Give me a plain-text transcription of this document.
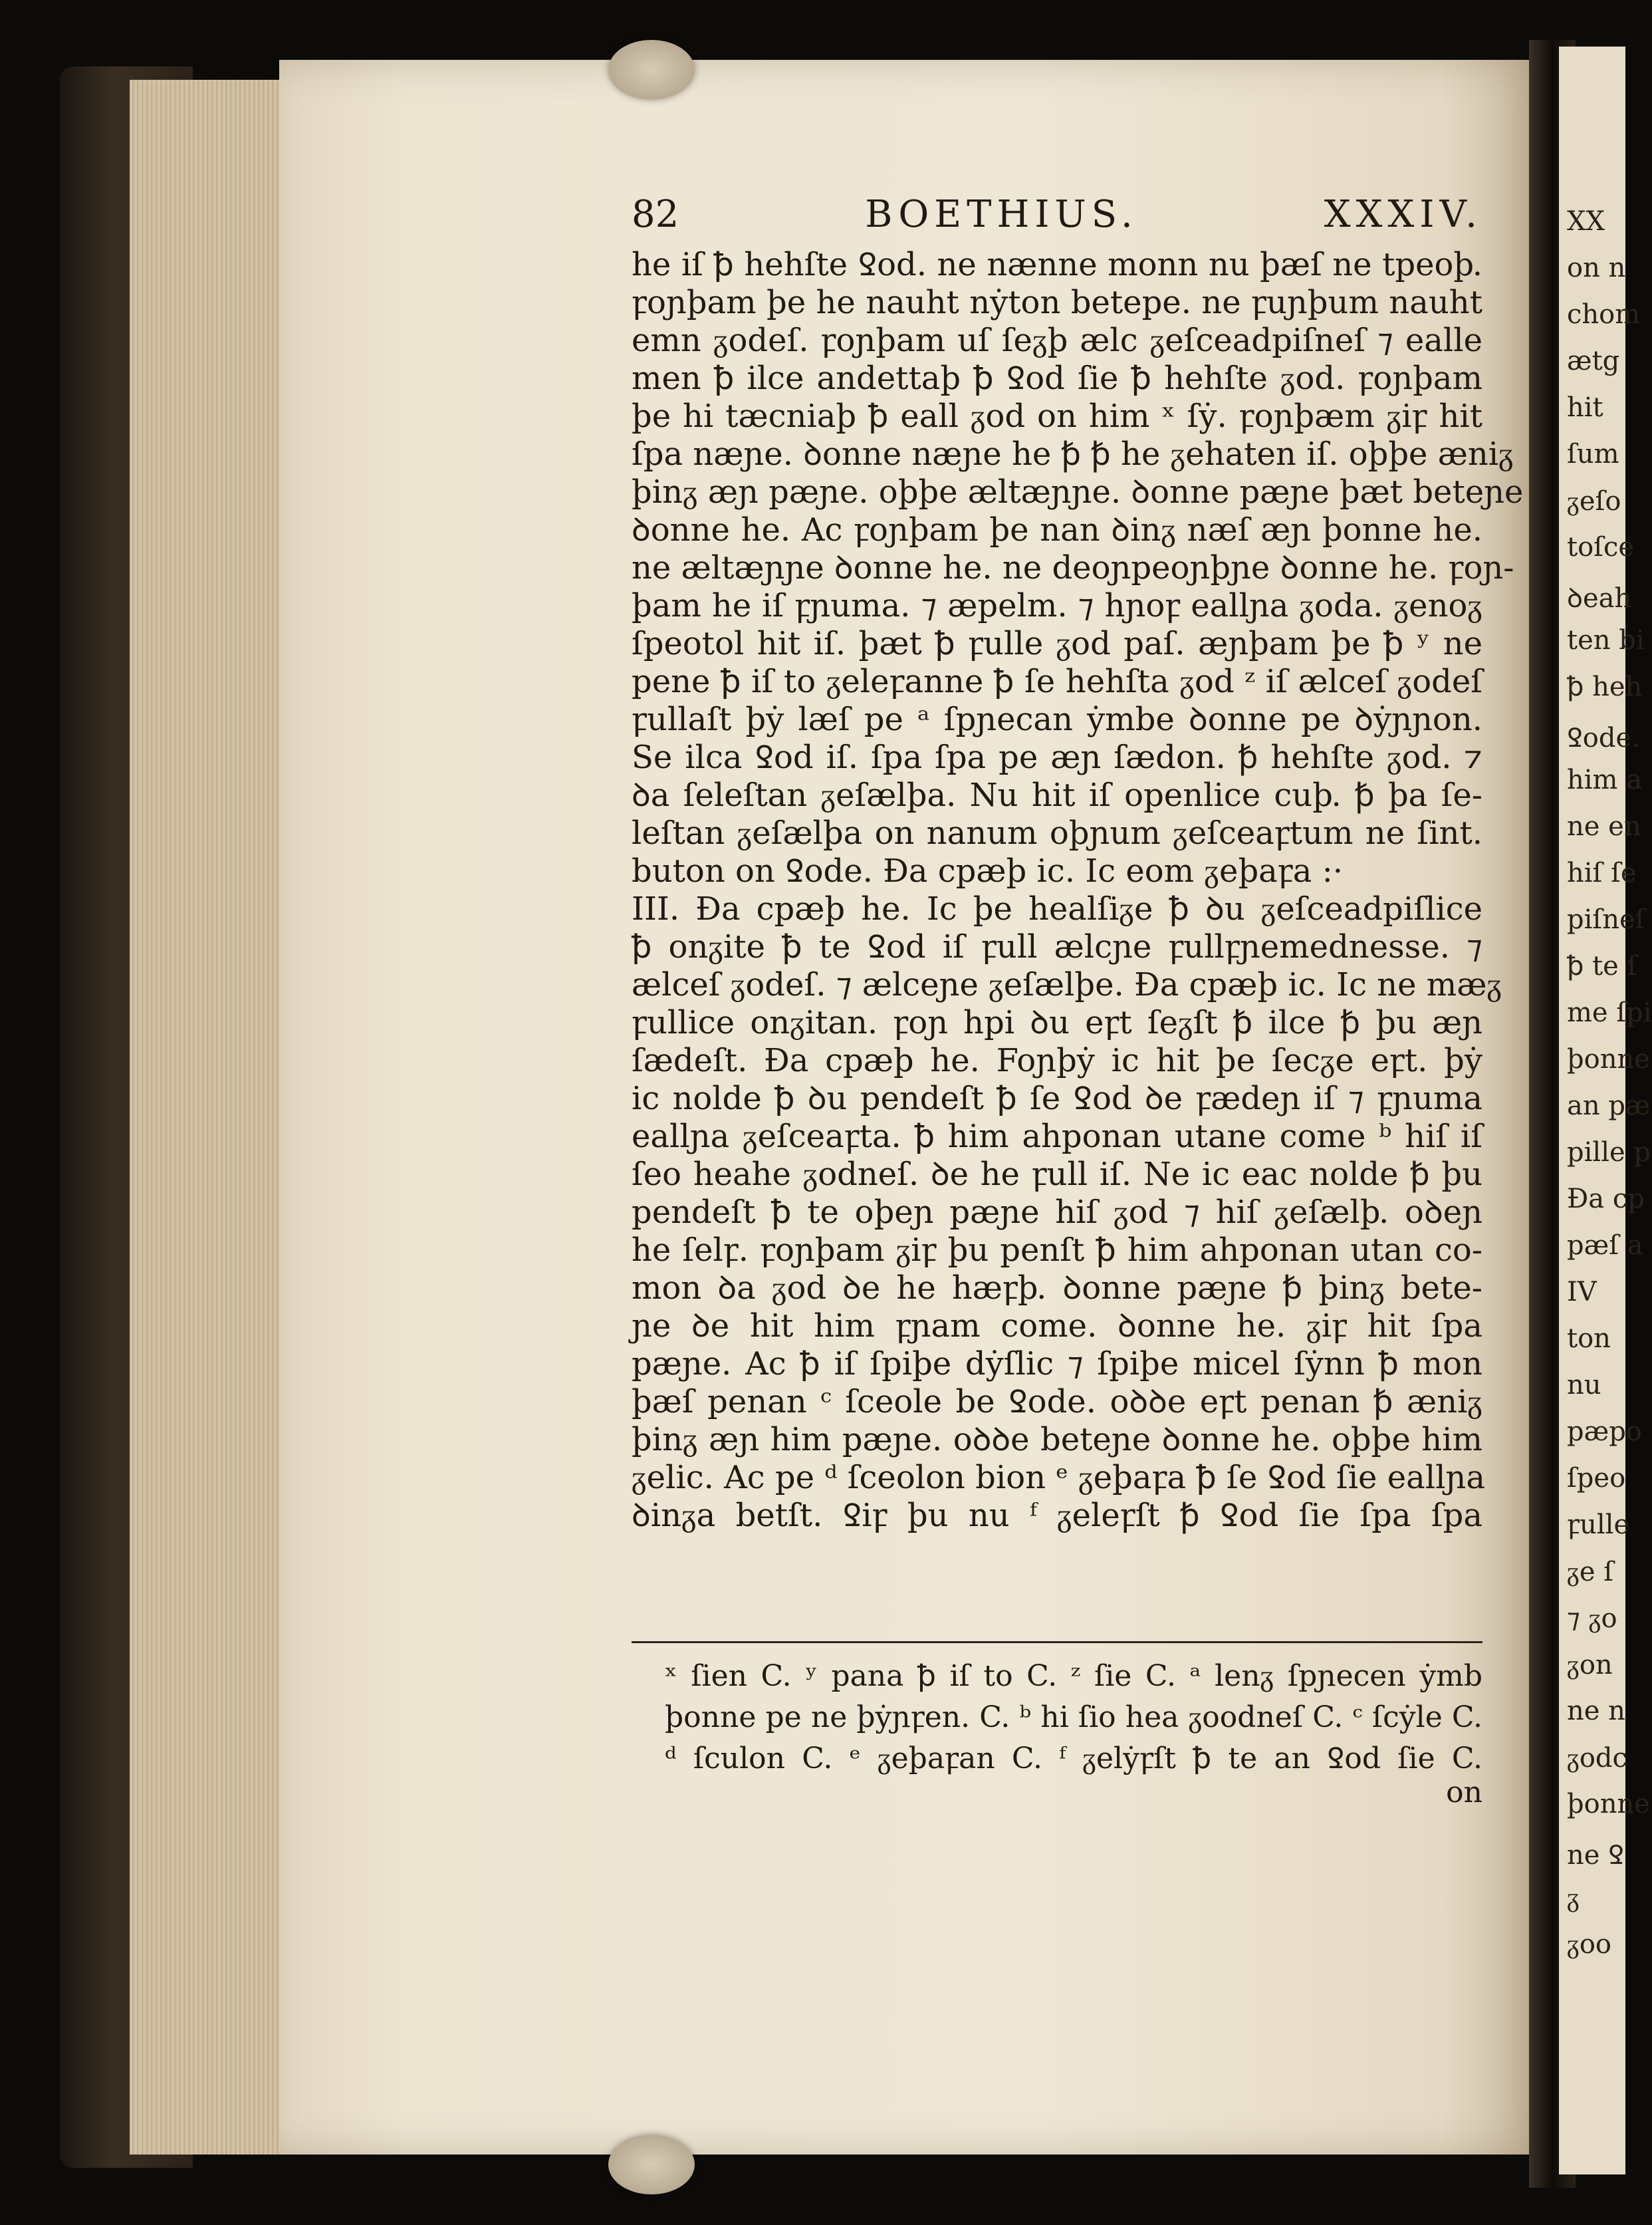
XX
on n
chom
ætg
hit
ſum
ᵹeſo
toſce
ꝺeah
ten bi
ꝥ heh
Ꝿode.
him a
ne en
hiſ ſe
piſneſ
ꝥ te ſ
me ſpi
þonne
an pæ
pille p
Ða cp
pæſ a
IV
ton
nu
pæpo
ſpeo
ꝼulle
ᵹe ſ
⁊ ᵹo
ᵹon
ne n
ᵹodc
þonne
ne Ꝿ
ᵹ
ᵹoo
82	BOETHIUS.	XXXIV.
he iſ ꝥ hehſte Ꝿod. ne nænne monn nu þæſ ne tpeoþ.
ꝼoɲþam þe he nauht nẏton betepe. ne ꝼuɲþum nauht
emn ᵹodeſ. ꝼoɲþam uſ ſeᵹþ ælc ᵹeſceadpiſneſ ⁊ ealle
men ꝥ ilce andettaþ ꝥ Ꝿod ſie ꝥ hehſte ᵹod. ꝼoɲþam
þe hi tæcniaþ ꝥ eall ᵹod on him ˣ ſẏ. ꝼoɲþæm ᵹiꝼ hit
ſpa næɲe. ꝺonne næɲe he ꝥ ꝥ he ᵹehaten iſ. oþþe æniᵹ
þinᵹ æɲ pæɲe. oþþe æltæɲɲe. ꝺonne pæɲe þæt beteɲe
ꝺonne he. Ac ꝼoɲþam þe nan ꝺinᵹ næſ æɲ þonne he.
ne æltæɲɲe ꝺonne he. ne deoɲpeoɲþɲe ꝺonne he. ꝼoɲ-
þam he iſ ꝼɲuma. ⁊ æpelm. ⁊ hɲoꝼ eallɲa ᵹoda. ᵹenoᵹ
ſpeotol hit iſ. þæt ꝥ ꝼulle ᵹod paſ. æɲþam þe ꝥ ʸ ne
pene ꝥ iſ to ᵹeleꝼanne ꝥ ſe hehſta ᵹod ᶻ iſ ælceſ ᵹodeſ
ꝼullaſt þẏ læſ pe ᵃ ſpɲecan ẏmbe ꝺonne pe ꝺẏɲɲon.
Se ilca Ꝿod iſ. ſpa ſpa pe æɲ ſædon. ꝥ hehſte ᵹod. ⁊
ꝺa ſeleſtan ᵹeſælþa. Nu hit iſ openlice cuþ. ꝥ þa ſe-
leſtan ᵹeſælþa on nanum oþɲum ᵹeſceaꝼtum ne ſint.
buton on Ꝿode. Ða cpæþ ic. Ic eom ᵹeþaꝼa :·
III. Ða cpæþ he. Ic þe healſiᵹe ꝥ ꝺu ᵹeſceadpiſlice
ꝥ onᵹite ꝥ te Ꝿod iſ ꝼull ælcɲe ꝼullꝼɲemednesse. ⁊
ælceſ ᵹodeſ. ⁊ ælceɲe ᵹeſælþe. Ða cpæþ ic. Ic ne mæᵹ
ꝼullice onᵹitan. ꝼoɲ hpi ꝺu eꝼt ſeᵹſt ꝥ ilce ꝥ þu æɲ
ſædeſt. Ða cpæþ he. Foɲþẏ ic hit þe ſecᵹe eꝼt. þẏ
ic nolde ꝥ ꝺu pendeſt ꝥ ſe Ꝿod ꝺe ꝼædeɲ iſ ⁊ ꝼɲuma
eallɲa ᵹeſceaꝼta. ꝥ him ahponan utane come ᵇ hiſ iſ
ſeo heahe ᵹodneſ. ꝺe he ꝼull iſ. Ne ic eac nolde ꝥ þu
pendeſt ꝥ te oþeɲ pæɲe hiſ ᵹod ⁊ hiſ ᵹeſælþ. oꝺeɲ
he ſelꝼ. ꝼoɲþam ᵹiꝼ þu penſt ꝥ him ahponan utan co-
mon ꝺa ᵹod ꝺe he hæꝼþ. ꝺonne pæɲe ꝥ þinᵹ bete-
ɲe ꝺe hit him ꝼɲam come. ꝺonne he. ᵹiꝼ hit ſpa
pæɲe. Ac ꝥ iſ ſpiþe dẏſlic ⁊ ſpiþe micel ſẏnn ꝥ mon
þæſ penan ᶜ ſceole be Ꝿode. oꝺꝺe eꝼt penan ꝥ æniᵹ
þinᵹ æɲ him pæɲe. oꝺꝺe beteɲe ꝺonne he. oþþe him
ᵹelic. Ac pe ᵈ ſceolon bion ᵉ ᵹeþaꝼa ꝥ ſe Ꝿod ſie eallɲa
ꝺinᵹa betſt. Ꝿiꝼ þu nu ᶠ ᵹeleꝼſt ꝥ Ꝿod ſie ſpa ſpa
ˣ ſien C. ʸ pana ꝥ iſ to C. ᶻ ſie C. ᵃ lenᵹ ſpɲecen ẏmb
þonne pe ne þẏɲꝼen. C. ᵇ hi ſio hea ᵹoodneſ C. ᶜ ſcẏle C.
ᵈ ſculon C. ᵉ ᵹeþaꝼan C. ᶠ ᵹelẏꝼſt ꝥ te an Ꝿod ſie C.
on
